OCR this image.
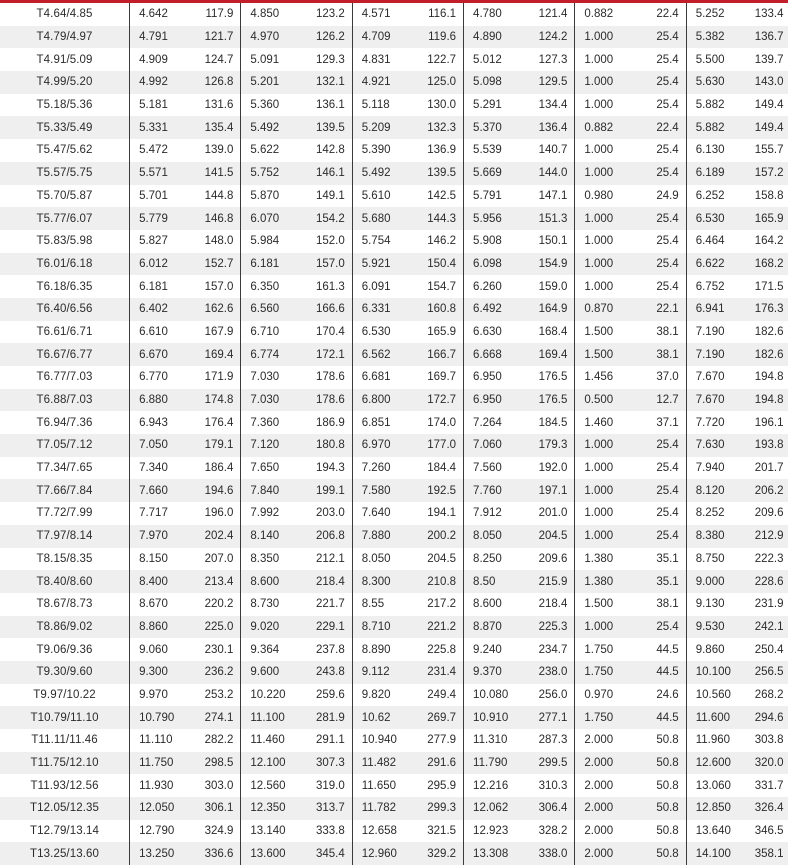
T4.64/4.85	4.642	117.9	4.850	123.2	4.571	116.1	4.780	121.4	0.882	22.4	5.252	133.4
T4.79/4.97	4.791	121.7	4.970	126.2	4.709	119.6	4.890	124.2	1.000	25.4	5.382	136.7
T4.91/5.09	4.909	124.7	5.091	129.3	4.831	122.7	5.012	127.3	1.000	25.4	5.500	139.7
T4.99/5.20	4.992	126.8	5.201	132.1	4.921	125.0	5.098	129.5	1.000	25.4	5.630	143.0
T5.18/5.36	5.181	131.6	5.360	136.1	5.118	130.0	5.291	134.4	1.000	25.4	5.882	149.4
T5.33/5.49	5.331	135.4	5.492	139.5	5.209	132.3	5.370	136.4	0.882	22.4	5.882	149.4
T5.47/5.62	5.472	139.0	5.622	142.8	5.390	136.9	5.539	140.7	1.000	25.4	6.130	155.7
T5.57/5.75	5.571	141.5	5.752	146.1	5.492	139.5	5.669	144.0	1.000	25.4	6.189	157.2
T5.70/5.87	5.701	144.8	5.870	149.1	5.610	142.5	5.791	147.1	0.980	24.9	6.252	158.8
T5.77/6.07	5.779	146.8	6.070	154.2	5.680	144.3	5.956	151.3	1.000	25.4	6.530	165.9
T5.83/5.98	5.827	148.0	5.984	152.0	5.754	146.2	5.908	150.1	1.000	25.4	6.464	164.2
T6.01/6.18	6.012	152.7	6.181	157.0	5.921	150.4	6.098	154.9	1.000	25.4	6.622	168.2
T6.18/6.35	6.181	157.0	6.350	161.3	6.091	154.7	6.260	159.0	1.000	25.4	6.752	171.5
T6.40/6.56	6.402	162.6	6.560	166.6	6.331	160.8	6.492	164.9	0.870	22.1	6.941	176.3
T6.61/6.71	6.610	167.9	6.710	170.4	6.530	165.9	6.630	168.4	1.500	38.1	7.190	182.6
T6.67/6.77	6.670	169.4	6.774	172.1	6.562	166.7	6.668	169.4	1.500	38.1	7.190	182.6
T6.77/7.03	6.770	171.9	7.030	178.6	6.681	169.7	6.950	176.5	1.456	37.0	7.670	194.8
T6.88/7.03	6.880	174.8	7.030	178.6	6.800	172.7	6.950	176.5	0.500	12.7	7.670	194.8
T6.94/7.36	6.943	176.4	7.360	186.9	6.851	174.0	7.264	184.5	1.460	37.1	7.720	196.1
T7.05/7.12	7.050	179.1	7.120	180.8	6.970	177.0	7.060	179.3	1.000	25.4	7.630	193.8
T7.34/7.65	7.340	186.4	7.650	194.3	7.260	184.4	7.560	192.0	1.000	25.4	7.940	201.7
T7.66/7.84	7.660	194.6	7.840	199.1	7.580	192.5	7.760	197.1	1.000	25.4	8.120	206.2
T7.72/7.99	7.717	196.0	7.992	203.0	7.640	194.1	7.912	201.0	1.000	25.4	8.252	209.6
T7.97/8.14	7.970	202.4	8.140	206.8	7.880	200.2	8.050	204.5	1.000	25.4	8.380	212.9
T8.15/8.35	8.150	207.0	8.350	212.1	8.050	204.5	8.250	209.6	1.380	35.1	8.750	222.3
T8.40/8.60	8.400	213.4	8.600	218.4	8.300	210.8	8.50	215.9	1.380	35.1	9.000	228.6
T8.67/8.73	8.670	220.2	8.730	221.7	8.55	217.2	8.600	218.4	1.500	38.1	9.130	231.9
T8.86/9.02	8.860	225.0	9.020	229.1	8.710	221.2	8.870	225.3	1.000	25.4	9.530	242.1
T9.06/9.36	9.060	230.1	9.364	237.8	8.890	225.8	9.240	234.7	1.750	44.5	9.860	250.4
T9.30/9.60	9.300	236.2	9.600	243.8	9.112	231.4	9.370	238.0	1.750	44.5	10.100	256.5
T9.97/10.22	9.970	253.2	10.220	259.6	9.820	249.4	10.080	256.0	0.970	24.6	10.560	268.2
T10.79/11.10	10.790	274.1	11.100	281.9	10.62	269.7	10.910	277.1	1.750	44.5	11.600	294.6
T11.11/11.46	11.110	282.2	11.460	291.1	10.940	277.9	11.310	287.3	2.000	50.8	11.960	303.8
T11.75/12.10	11.750	298.5	12.100	307.3	11.482	291.6	11.790	299.5	2.000	50.8	12.600	320.0
T11.93/12.56	11.930	303.0	12.560	319.0	11.650	295.9	12.216	310.3	2.000	50.8	13.060	331.7
T12.05/12.35	12.050	306.1	12.350	313.7	11.782	299.3	12.062	306.4	2.000	50.8	12.850	326.4
T12.79/13.14	12.790	324.9	13.140	333.8	12.658	321.5	12.923	328.2	2.000	50.8	13.640	346.5
T13.25/13.60	13.250	336.6	13.600	345.4	12.960	329.2	13.308	338.0	2.000	50.8	14.100	358.1
